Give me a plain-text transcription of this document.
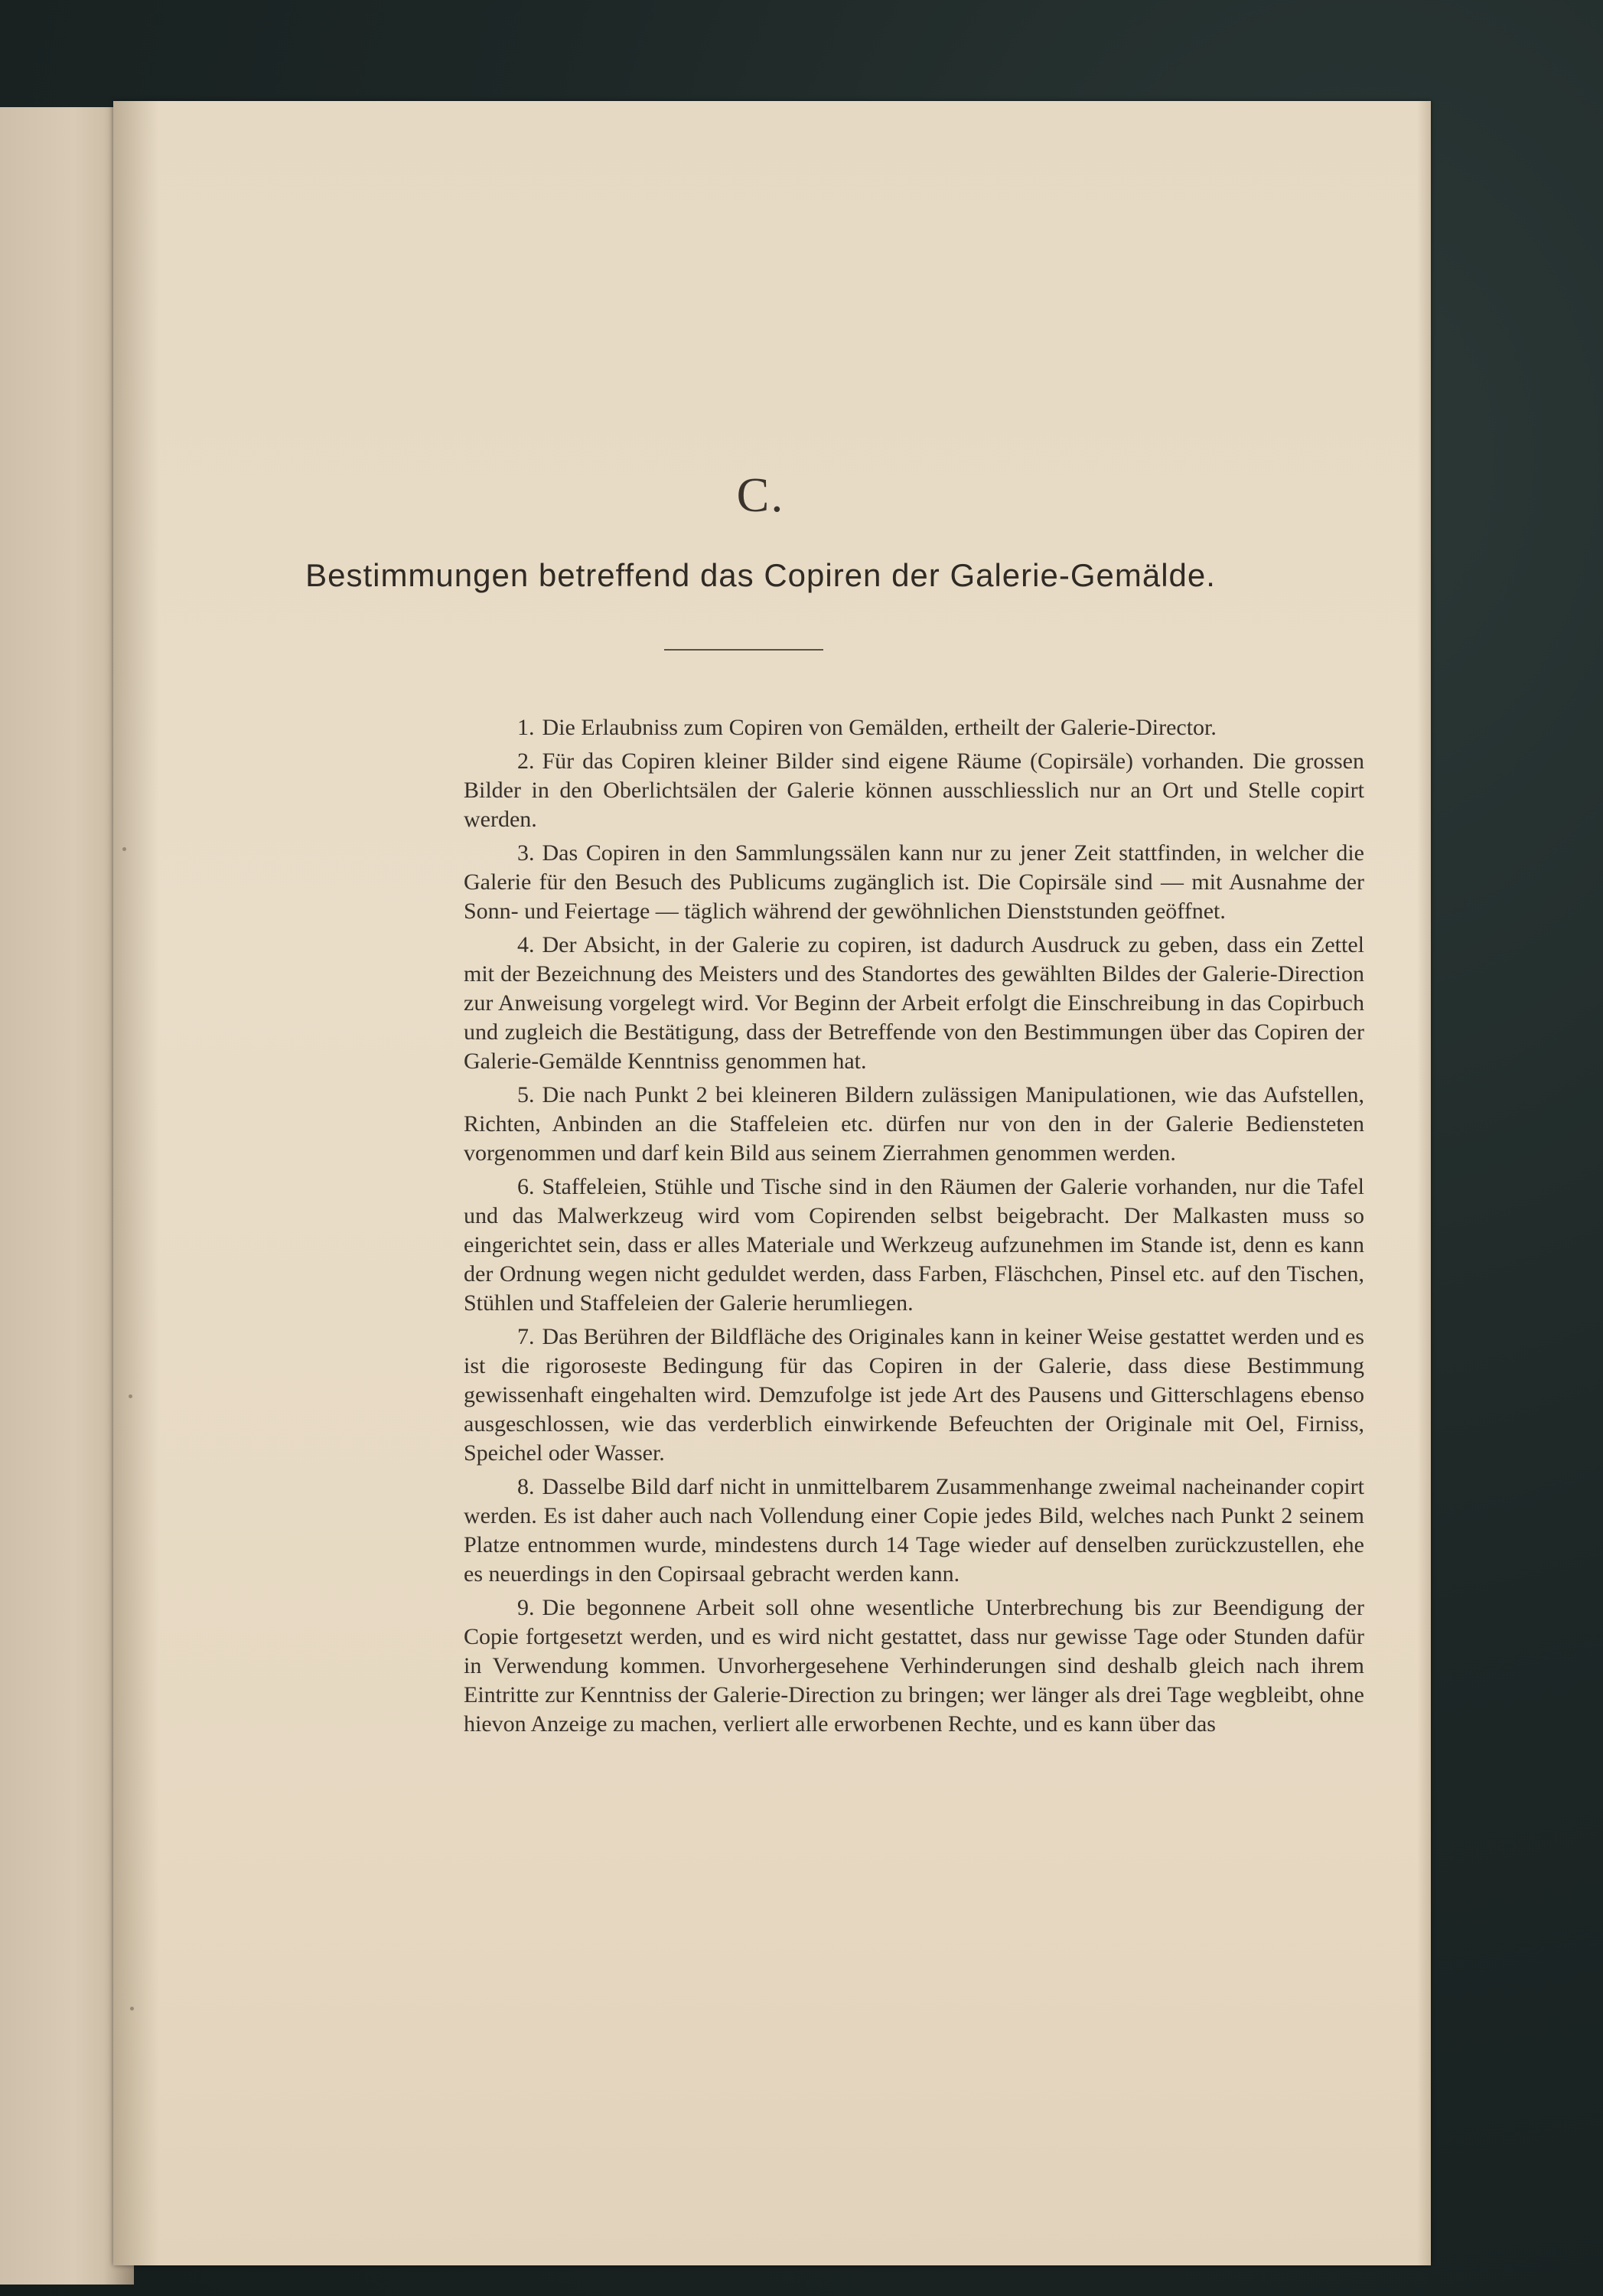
C.
Bestimmungen betreffend das Copiren der Galerie-Gemälde.

1. Die Erlaubniss zum Copiren von Gemälden, ertheilt der Galerie-Director.

2. Für das Copiren kleiner Bilder sind eigene Räume (Copirsäle) vorhanden. Die grossen Bilder in den Oberlichtsälen der Galerie können ausschliesslich nur an Ort und Stelle copirt werden.

3. Das Copiren in den Sammlungssälen kann nur zu jener Zeit stattfinden, in welcher die Galerie für den Besuch des Publicums zugänglich ist. Die Copirsäle sind — mit Ausnahme der Sonn- und Feiertage — täglich während der gewöhnlichen Dienststunden geöffnet.

4. Der Absicht, in der Galerie zu copiren, ist dadurch Ausdruck zu geben, dass ein Zettel mit der Bezeichnung des Meisters und des Standortes des gewählten Bildes der Galerie-Direction zur Anweisung vorgelegt wird. Vor Beginn der Arbeit erfolgt die Einschreibung in das Copirbuch und zugleich die Bestätigung, dass der Betreffende von den Bestimmungen über das Copiren der Galerie-Gemälde Kenntniss genommen hat.

5. Die nach Punkt 2 bei kleineren Bildern zulässigen Manipulationen, wie das Aufstellen, Richten, Anbinden an die Staffeleien etc. dürfen nur von den in der Galerie Bediensteten vorgenommen und darf kein Bild aus seinem Zierrahmen genommen werden.

6. Staffeleien, Stühle und Tische sind in den Räumen der Galerie vorhanden, nur die Tafel und das Malwerkzeug wird vom Copirenden selbst beigebracht. Der Malkasten muss so eingerichtet sein, dass er alles Materiale und Werkzeug aufzunehmen im Stande ist, denn es kann der Ordnung wegen nicht geduldet werden, dass Farben, Fläschchen, Pinsel etc. auf den Tischen, Stühlen und Staffeleien der Galerie herumliegen.

7. Das Berühren der Bildfläche des Originales kann in keiner Weise gestattet werden und es ist die rigoroseste Bedingung für das Copiren in der Galerie, dass diese Bestimmung gewissenhaft eingehalten wird. Demzufolge ist jede Art des Pausens und Gitterschlagens ebenso ausgeschlossen, wie das verderblich einwirkende Befeuchten der Originale mit Oel, Firniss, Speichel oder Wasser.

8. Dasselbe Bild darf nicht in unmittelbarem Zusammenhange zweimal nacheinander copirt werden. Es ist daher auch nach Vollendung einer Copie jedes Bild, welches nach Punkt 2 seinem Platze entnommen wurde, mindestens durch 14 Tage wieder auf denselben zurückzustellen, ehe es neuerdings in den Copirsaal gebracht werden kann.

9. Die begonnene Arbeit soll ohne wesentliche Unterbrechung bis zur Beendigung der Copie fortgesetzt werden, und es wird nicht gestattet, dass nur gewisse Tage oder Stunden dafür in Verwendung kommen. Unvorhergesehene Verhinderungen sind deshalb gleich nach ihrem Eintritte zur Kenntniss der Galerie-Direction zu bringen; wer länger als drei Tage wegbleibt, ohne hievon Anzeige zu machen, verliert alle erworbenen Rechte, und es kann über das
